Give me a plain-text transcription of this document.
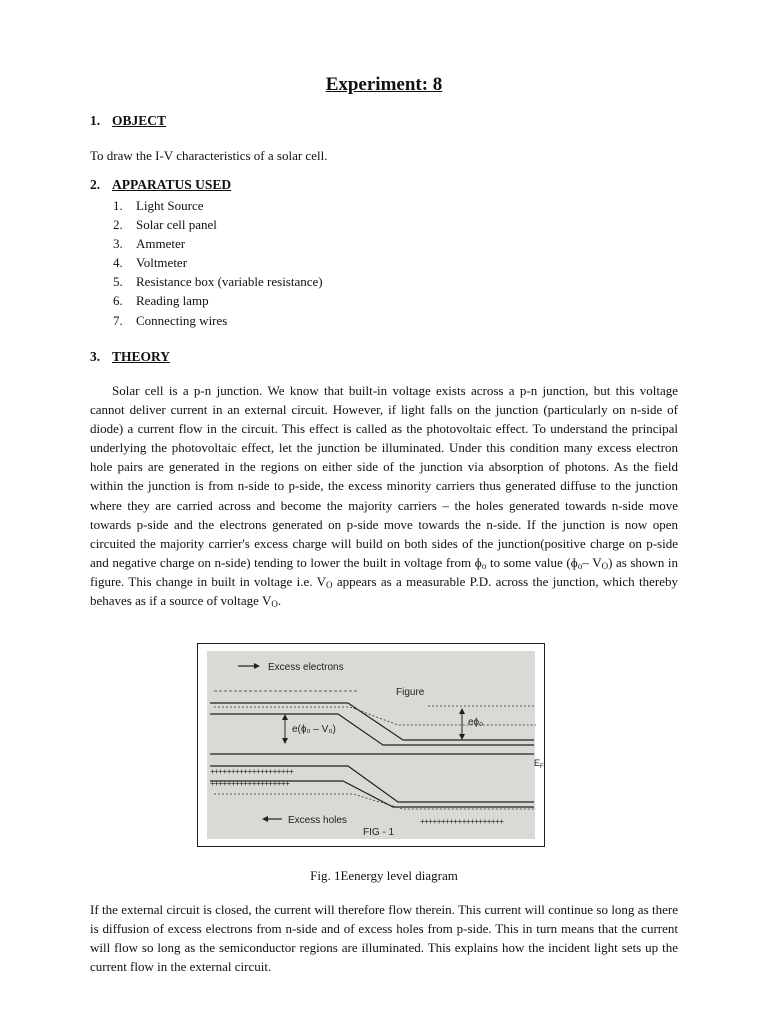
Experiment: 8
1. OBJECT
To draw the I-V characteristics of a solar cell.
2. APPARATUS USED
1. Light Source
2. Solar cell panel
3. Ammeter
4. Voltmeter
5. Resistance box (variable resistance)
6. Reading lamp
7. Connecting wires
3. THEORY

Solar cell is a p-n junction. We know that built-in voltage exists across a p-n junction, but this voltage cannot deliver current in an external circuit. However, if light falls on the junction (particularly on n-side of diode) a current flow in the circuit. This effect is called as the photovoltaic effect. To understand the principal underlying the photovoltaic effect, let the junction be illuminated. Under this condition many excess electron hole pairs are generated in the regions on either side of the junction via absorption of photons. As the field within the junction is from n-side to p-side, the excess minority carriers thus generated diffuse to the junction where they are carried across and become the majority carriers – the holes generated towards n-side move towards p-side and the electrons generated on p-side move towards the n-side. If the junction is now open circuited the majority carrier's excess charge will build on both sides of the junction(positive charge on p-side and negative charge on n-side) tending to lower the built in voltage from ɸ$_o$ to some value (ɸ$_o$– $V_O$) as shown in figure. This change in built in voltage i.e. $V_O$ appears as a measurable P.D. across the junction, which thereby behaves as if a source of voltage $V_O$.

Excess electrons
Figure
e(ɸ₀ – V₀)
eɸ₀
E F
++++++++++++++++++++
+++++++++++++++++++
Excess holes	++++++++++++++++++++
FIG - 1
Fig. 1Eenergy level diagram

If the external circuit is closed, the current will therefore flow therein. This current will continue so long as there is diffusion of excess electrons from n-side and of excess holes from p-side. This in turn means that the current will flow so long as the semiconductor regions are illuminated. This explains how the incident light sets up the current flow in the external circuit.
